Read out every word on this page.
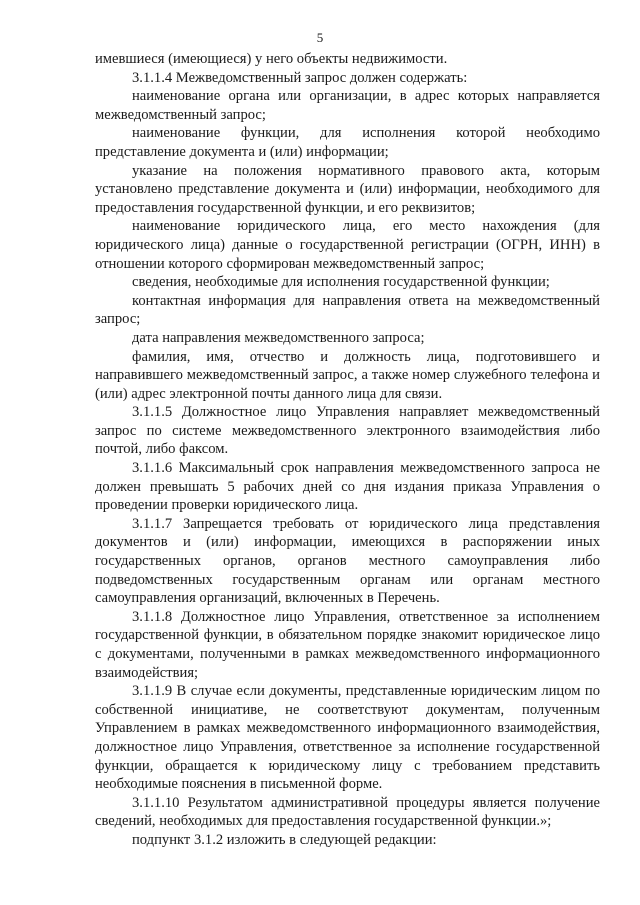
5

имевшиеся (имеющиеся) у него объекты недвижимости.

3.1.1.4 Межведомственный запрос должен содержать:

наименование органа или организации, в адрес которых направляется межведомственный запрос;

наименование функции, для исполнения которой необходимо представление документа и (или) информации;

указание на положения нормативного правового акта, которым установлено представление документа и (или) информации, необходимого для предоставления государственной функции, и его реквизитов;

наименование юридического лица, его место нахождения (для юридического лица) данные о государственной регистрации (ОГРН, ИНН) в отношении которого сформирован межведомственный запрос;

сведения, необходимые для исполнения государственной функции;

контактная информация для направления ответа на межведомственный запрос;

дата направления межведомственного запроса;

фамилия, имя, отчество и должность лица, подготовившего и направившего межведомственный запрос, а также номер служебного телефона и (или) адрес электронной почты данного лица для связи.

3.1.1.5 Должностное лицо Управления направляет межведомственный запрос по системе межведомственного электронного взаимодействия либо почтой, либо факсом.

3.1.1.6 Максимальный срок направления межведомственного запроса не должен превышать 5 рабочих дней со дня издания приказа Управления о проведении проверки юридического лица.

3.1.1.7 Запрещается требовать от юридического лица представления документов и (или) информации, имеющихся в распоряжении иных государственных органов, органов местного самоуправления либо подведомственных государственным органам или органам местного самоуправления организаций, включенных в Перечень.

3.1.1.8 Должностное лицо Управления, ответственное за исполнением государственной функции, в обязательном порядке знакомит юридическое лицо с документами, полученными в рамках межведомственного информационного взаимодействия;

3.1.1.9 В случае если документы, представленные юридическим лицом по собственной инициативе, не соответствуют документам, полученным Управлением в рамках межведомственного информационного взаимодействия, должностное лицо Управления, ответственное за исполнение государственной функции, обращается к юридическому лицу с требованием представить необходимые пояснения в письменной форме.

3.1.1.10 Результатом административной процедуры является получение сведений, необходимых для предоставления государственной функции.»;

подпункт 3.1.2 изложить в следующей редакции:
